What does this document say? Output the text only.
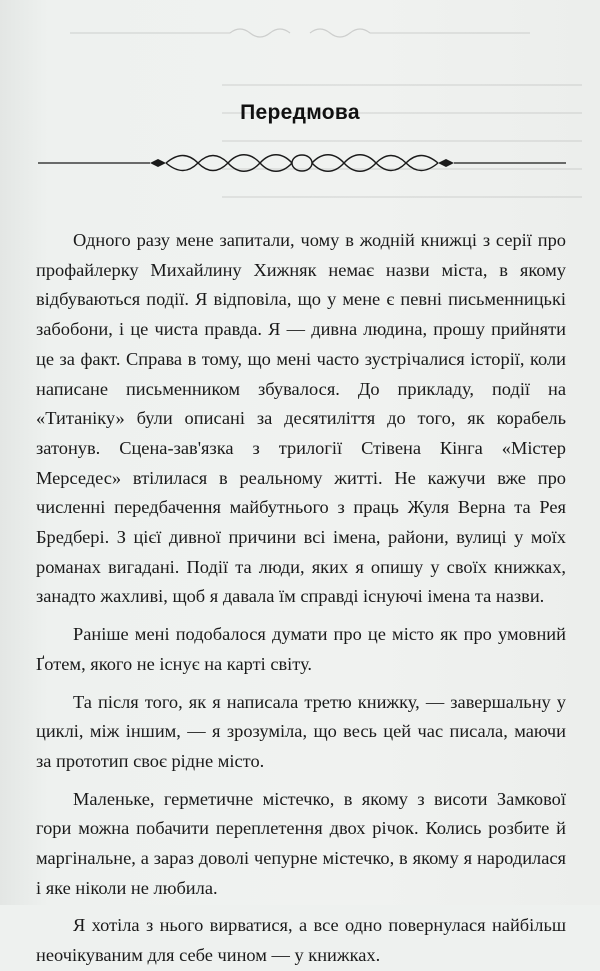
Передмова

Одного разу мене запитали, чому в жодній книжці з серії про профайлерку Михайлину Хижняк немає назви міста, в якому відбуваються події. Я відповіла, що у мене є певні письменницькі забобони, і це чиста правда. Я — дивна людина, прошу прийняти це за факт. Справа в тому, що мені часто зустрічалися історії, коли написане письменником збувалося. До прикладу, події на «Титаніку» були описані за десятиліття до того, як корабель затонув. Сцена-зав'язка з трилогії Стівена Кінга «Містер Мерседес» втілилася в реальному житті. Не кажучи вже про численні передбачення майбутнього з праць Жуля Верна та Рея Бредбері. З цієї дивної причини всі імена, райони, вулиці у моїх романах вигадані. Події та люди, яких я опишу у своїх книжках, занадто жахливі, щоб я давала їм справді існуючі імена та назви.

Раніше мені подобалося думати про це місто як про умовний Ґотем, якого не існує на карті світу.

Та після того, як я написала третю книжку, — завершальну у циклі, між іншим, — я зрозуміла, що весь цей час писала, маючи за прототип своє рідне місто.

Маленьке, герметичне містечко, в якому з висоти Замкової гори можна побачити переплетення двох річок. Колись розбите й маргінальне, а зараз доволі чепурне містечко, в якому я народилася і яке ніколи не любила.

Я хотіла з нього вирватися, а все одно повернулася найбільш неочікуваним для себе чином — у книжках.
